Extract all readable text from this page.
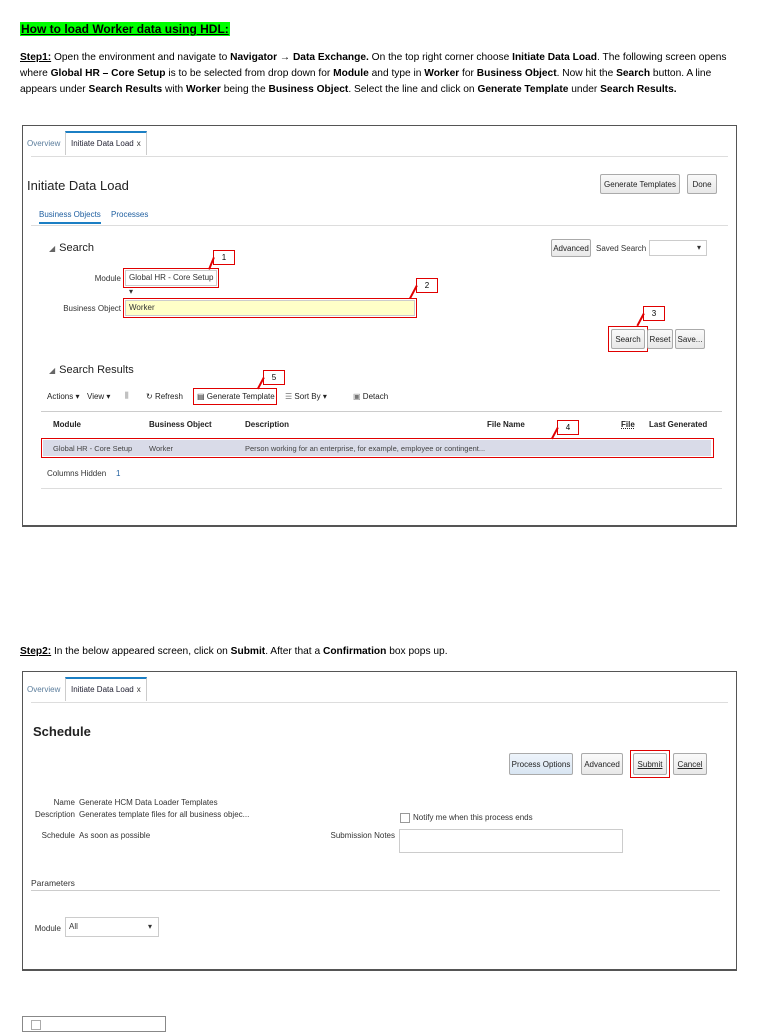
How to load Worker data using HDL:
Step1: Open the environment and navigate to Navigator → Data Exchange. On the top right corner choose Initiate Data Load. The following screen opens where Global HR – Core Setup is to be selected from drop down for Module and type in Worker for Business Object. Now hit the Search button. A line appears under Search Results with Worker being the Business Object. Select the line and click on Generate Template under Search Results.
Overview	Initiate Data Load x
Initiate Data Load	Generate Templates	Done
Business Objects Processes
◢ Search	Advanced Saved Search	▾
Module	Global HR - Core Setup ▾
Business Object	Worker
Search	Reset Save...
◢ Search Results
Actions ▾ View ▾ ⫼ ↻ Refresh ▤ Generate Template ☰ Sort By ▾	▣ Detach
Module	Business Object	Description	File Name	File Last Generated
Global HR - Core Setup	Worker	Person working for an enterprise, for example, employee or contingent...
Columns Hidden 1
1
2
3
4
5
Step2: In the below appeared screen, click on Submit. After that a Confirmation box pops up.
Overview	Initiate Data Load x
Schedule
Process Options	Advanced	Submit	Cancel
Name Generate HCM Data Loader Templates
Description Generates template files for all business objec...
Schedule As soon as possible
Notify me when this process ends
Submission Notes
Parameters
Module	All	▾
